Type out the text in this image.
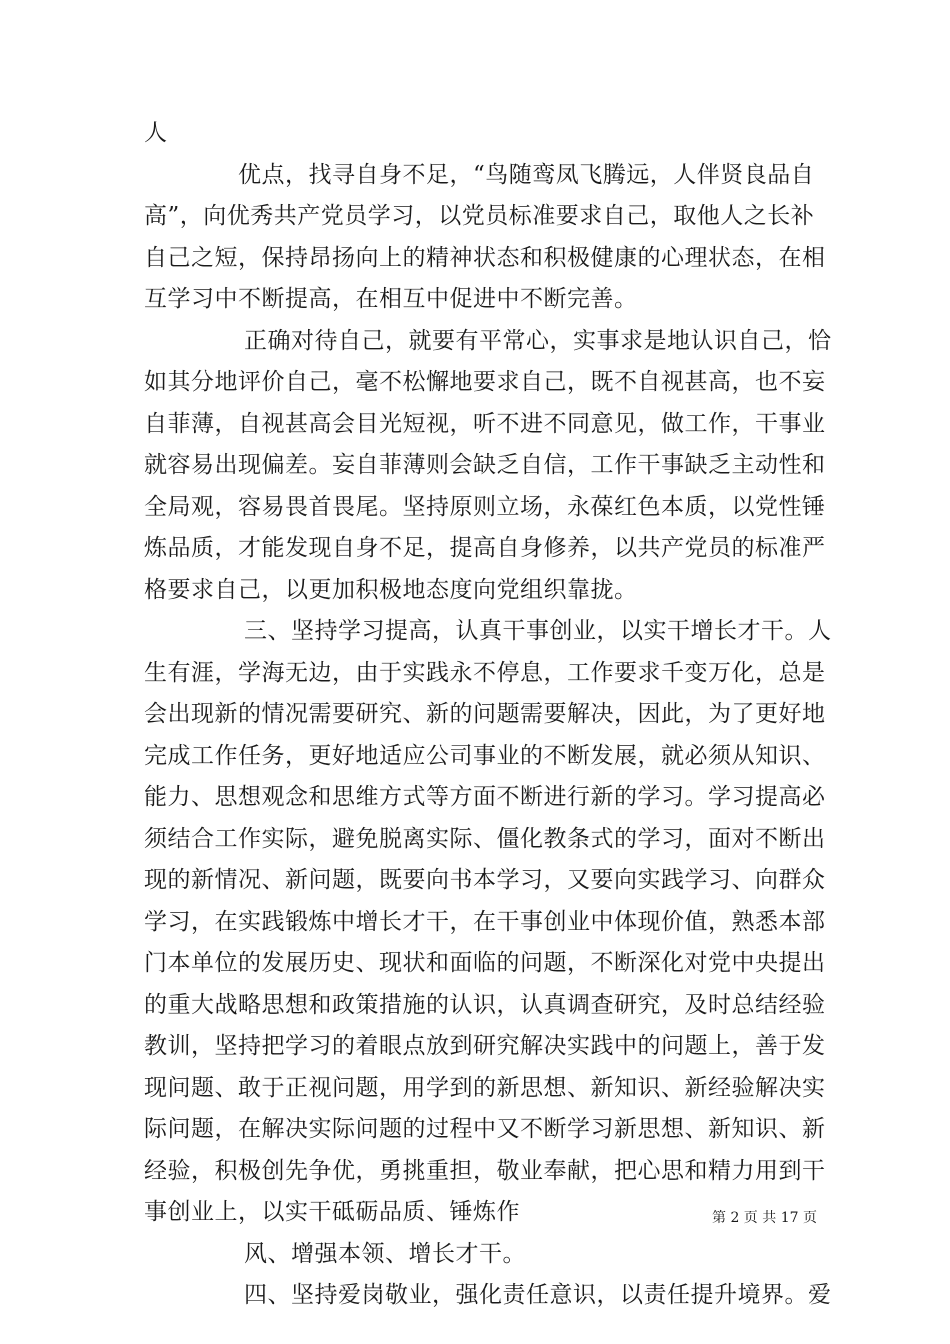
人
优点，找寻自身不足，“鸟随鸾凤飞腾远，人伴贤良品自
高”，向优秀共产党员学习，以党员标准要求自己，取他人之长补
自己之短，保持昂扬向上的精神状态和积极健康的心理状态，在相
互学习中不断提高，在相互中促进中不断完善。
正确对待自己，就要有平常心，实事求是地认识自己，恰
如其分地评价自己，毫不松懈地要求自己，既不自视甚高，也不妄
自菲薄，自视甚高会目光短视，听不进不同意见，做工作，干事业
就容易出现偏差。妄自菲薄则会缺乏自信，工作干事缺乏主动性和
全局观，容易畏首畏尾。坚持原则立场，永葆红色本质，以党性锤
炼品质，才能发现自身不足，提高自身修养，以共产党员的标准严
格要求自己，以更加积极地态度向党组织靠拢。
三、坚持学习提高，认真干事创业，以实干增长才干。人
生有涯，学海无边，由于实践永不停息，工作要求千变万化，总是
会出现新的情况需要研究、新的问题需要解决，因此，为了更好地
完成工作任务，更好地适应公司事业的不断发展，就必须从知识、
能力、思想观念和思维方式等方面不断进行新的学习。学习提高必
须结合工作实际，避免脱离实际、僵化教条式的学习，面对不断出
现的新情况、新问题，既要向书本学习，又要向实践学习、向群众
学习，在实践锻炼中增长才干，在干事创业中体现价值，熟悉本部
门本单位的发展历史、现状和面临的问题，不断深化对党中央提出
的重大战略思想和政策措施的认识，认真调查研究，及时总结经验
教训，坚持把学习的着眼点放到研究解决实践中的问题上，善于发
现问题、敢于正视问题，用学到的新思想、新知识、新经验解决实
际问题，在解决实际问题的过程中又不断学习新思想、新知识、新
经验，积极创先争优，勇挑重担，敬业奉献，把心思和精力用到干
事创业上，以实干砥砺品质、锤炼作
风、增强本领、增长才干。
四、坚持爱岗敬业，强化责任意识，以责任提升境界。爱
第 2 页 共 17 页
